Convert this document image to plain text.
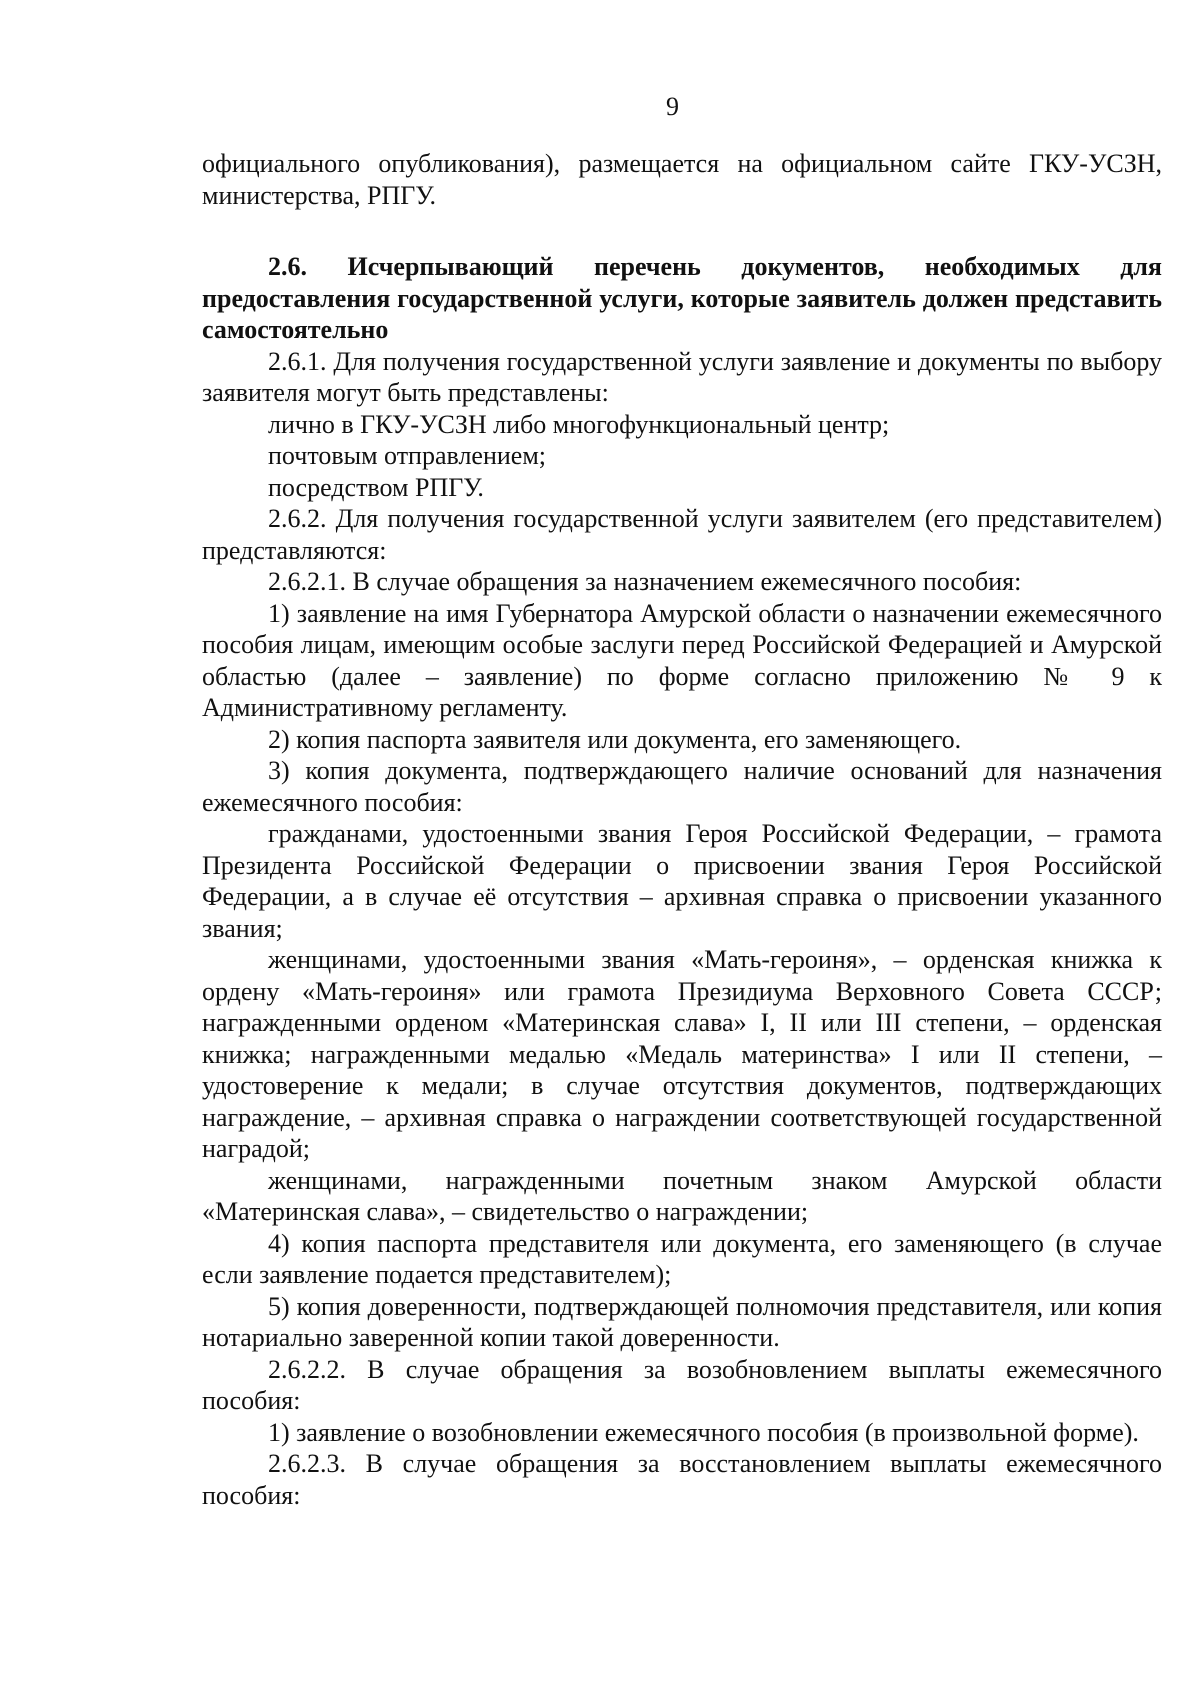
9

официального опубликования), размещается на официальном сайте ГКУ-УСЗН, министерства, РПГУ.

2.6. Исчерпывающий перечень документов, необходимых для предоставления государственной услуги, которые заявитель должен представить самостоятельно

2.6.1. Для получения государственной услуги заявление и документы по выбору заявителя могут быть представлены:

лично в ГКУ-УСЗН либо многофункциональный центр;

почтовым отправлением;

посредством РПГУ.

2.6.2. Для получения государственной услуги заявителем (его представителем) представляются:

2.6.2.1. В случае обращения за назначением ежемесячного пособия:

1) заявление на имя Губернатора Амурской области о назначении ежемесячного пособия лицам, имеющим особые заслуги перед Российской Федерацией и Амурской областью (далее – заявление) по форме согласно приложению № 9 к Административному регламенту.

2) копия паспорта заявителя или документа, его заменяющего.

3) копия документа, подтверждающего наличие оснований для назначения ежемесячного пособия:

гражданами, удостоенными звания Героя Российской Федерации, – грамота Президента Российской Федерации о присвоении звания Героя Российской Федерации, а в случае её отсутствия – архивная справка о присвоении указанного звания;

женщинами, удостоенными звания «Мать-героиня», – орденская книжка к ордену «Мать-героиня» или грамота Президиума Верховного Совета СССР; награжденными орденом «Материнская слава» I, II или III степени, – орденская книжка; награжденными медалью «Медаль материнства» I или II степени, – удостоверение к медали; в случае отсутствия документов, подтверждающих награждение, – архивная справка о награждении соответствующей государственной наградой;

женщинами, награжденными почетным знаком Амурской области «Материнская слава», – свидетельство о награждении;

4) копия паспорта представителя или документа, его заменяющего (в случае если заявление подается представителем);

5) копия доверенности, подтверждающей полномочия представителя, или копия нотариально заверенной копии такой доверенности.

2.6.2.2. В случае обращения за возобновлением выплаты ежемесячного пособия:

1) заявление о возобновлении ежемесячного пособия (в произвольной форме).

2.6.2.3. В случае обращения за восстановлением выплаты ежемесячного пособия:
